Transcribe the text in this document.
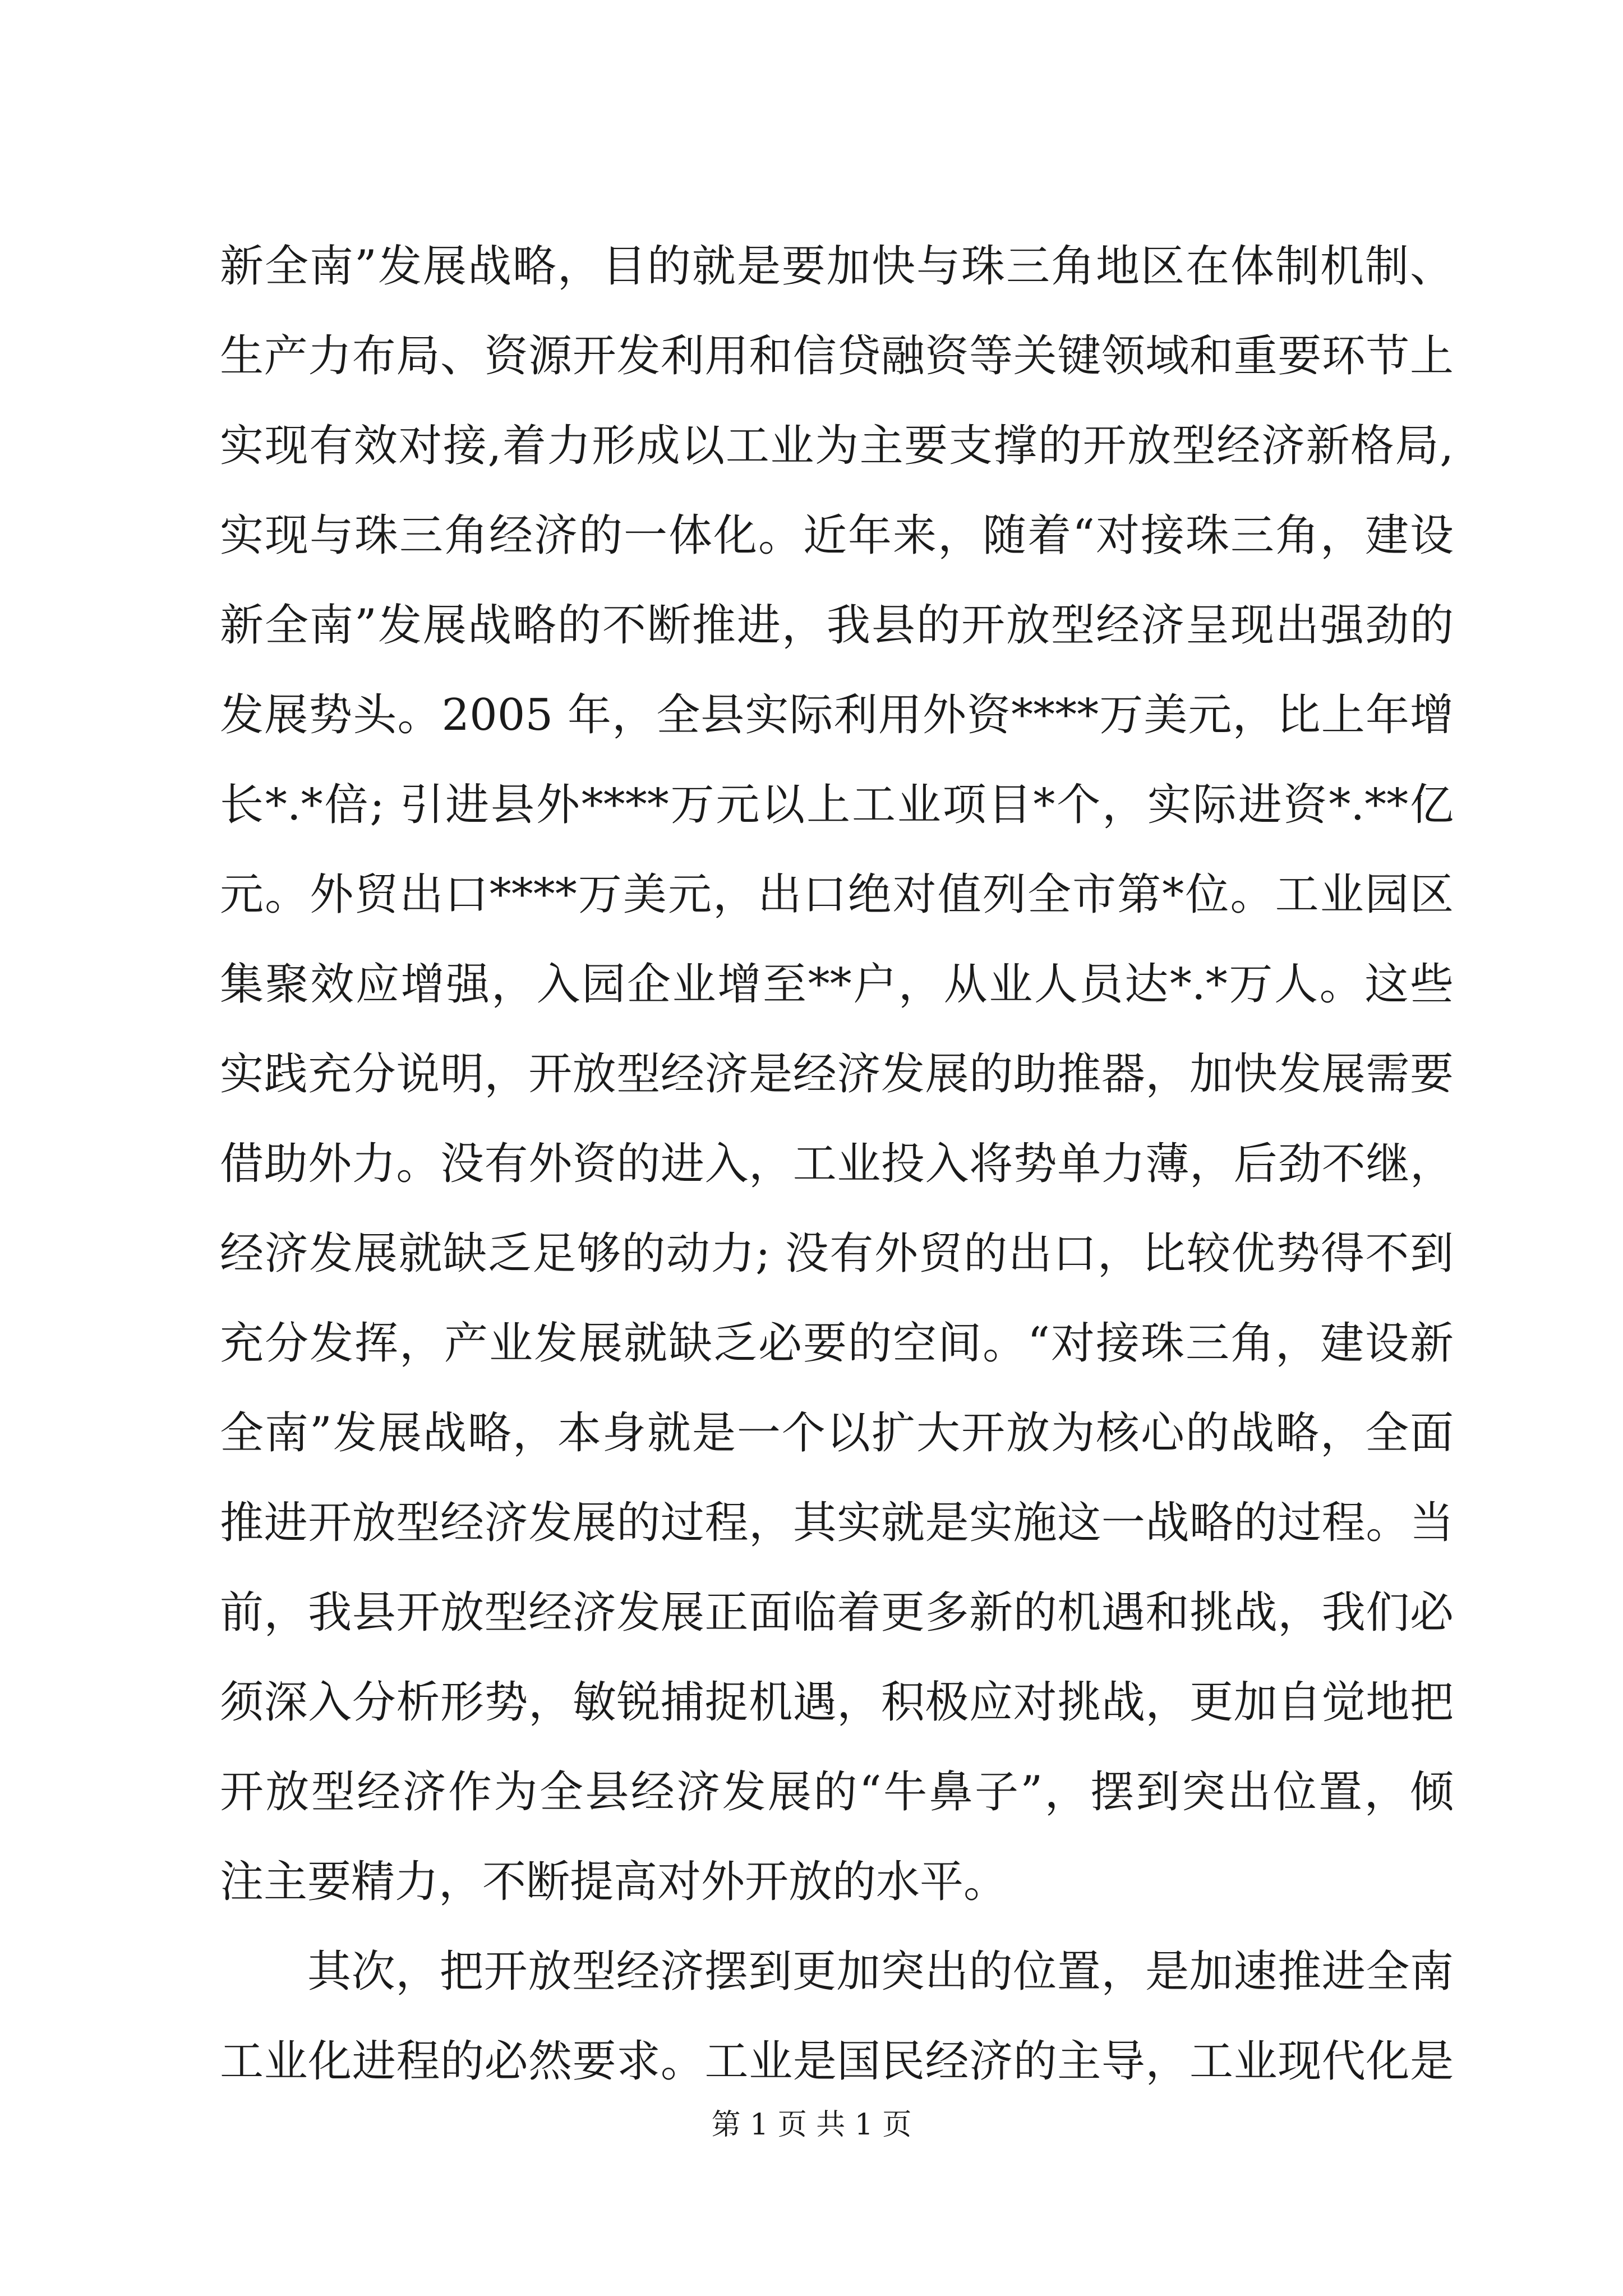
新全南”发展战略，目的就是要加快与珠三角地区在体制机制、
生产力布局、资源开发利用和信贷融资等关键领域和重要环节上
实现有效对接,着力形成以工业为主要支撑的开放型经济新格局,
实现与珠三角经济的一体化。近年来，随着“对接珠三角，建设
新全南”发展战略的不断推进，我县的开放型经济呈现出强劲的
发展势头。2005 年，全县实际利用外资****万美元，比上年增
长*.*倍; 引进县外****万元以上工业项目*个，实际进资*.**亿
元。外贸出口****万美元，出口绝对值列全市第*位。工业园区
集聚效应增强，入园企业增至**户，从业人员达*.*万人。这些
实践充分说明，开放型经济是经济发展的助推器，加快发展需要
借助外力。没有外资的进入，工业投入将势单力薄，后劲不继，
经济发展就缺乏足够的动力; 没有外贸的出口，比较优势得不到
充分发挥，产业发展就缺乏必要的空间。“对接珠三角，建设新
全南”发展战略，本身就是一个以扩大开放为核心的战略，全面
推进开放型经济发展的过程，其实就是实施这一战略的过程。当
前，我县开放型经济发展正面临着更多新的机遇和挑战，我们必
须深入分析形势，敏锐捕捉机遇，积极应对挑战，更加自觉地把
开放型经济作为全县经济发展的“牛鼻子”，摆到突出位置，倾
注主要精力，不断提高对外开放的水平。
其次，把开放型经济摆到更加突出的位置，是加速推进全南
工业化进程的必然要求。工业是国民经济的主导，工业现代化是
第 1 页 共 1 页
